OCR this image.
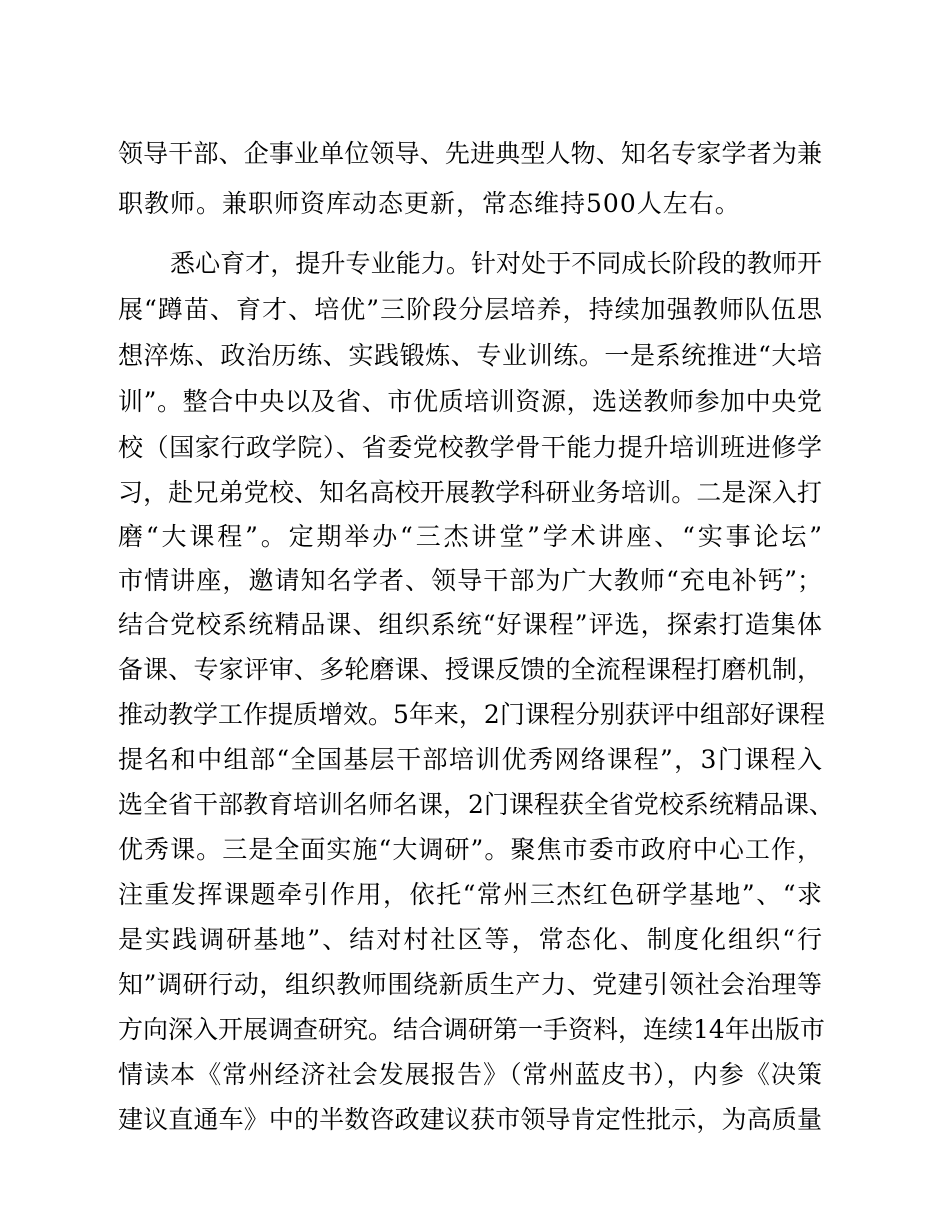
领导干部、企事业单位领导、先进典型人物、知名专家学者为兼
职教师。兼职师资库动态更新，常态维持500人左右。
悉心育才，提升专业能力。针对处于不同成长阶段的教师开
展“蹲苗、育才、培优”三阶段分层培养，持续加强教师队伍思
想淬炼、政治历练、实践锻炼、专业训练。一是系统推进“大培
训”。整合中央以及省、市优质培训资源，选送教师参加中央党
校（国家行政学院）、省委党校教学骨干能力提升培训班进修学
习，赴兄弟党校、知名高校开展教学科研业务培训。二是深入打
磨“大课程”。定期举办“三杰讲堂”学术讲座、“实事论坛”
市情讲座，邀请知名学者、领导干部为广大教师“充电补钙”；
结合党校系统精品课、组织系统“好课程”评选，探索打造集体
备课、专家评审、多轮磨课、授课反馈的全流程课程打磨机制，
推动教学工作提质增效。5年来，2门课程分别获评中组部好课程
提名和中组部“全国基层干部培训优秀网络课程”，3门课程入
选全省干部教育培训名师名课，2门课程获全省党校系统精品课、
优秀课。三是全面实施“大调研”。聚焦市委市政府中心工作，
注重发挥课题牵引作用，依托“常州三杰红色研学基地”、“求
是实践调研基地”、结对村社区等，常态化、制度化组织“行
知”调研行动，组织教师围绕新质生产力、党建引领社会治理等
方向深入开展调查研究。结合调研第一手资料，连续14年出版市
情读本《常州经济社会发展报告》（常州蓝皮书），内参《决策
建议直通车》中的半数咨政建议获市领导肯定性批示，为高质量
